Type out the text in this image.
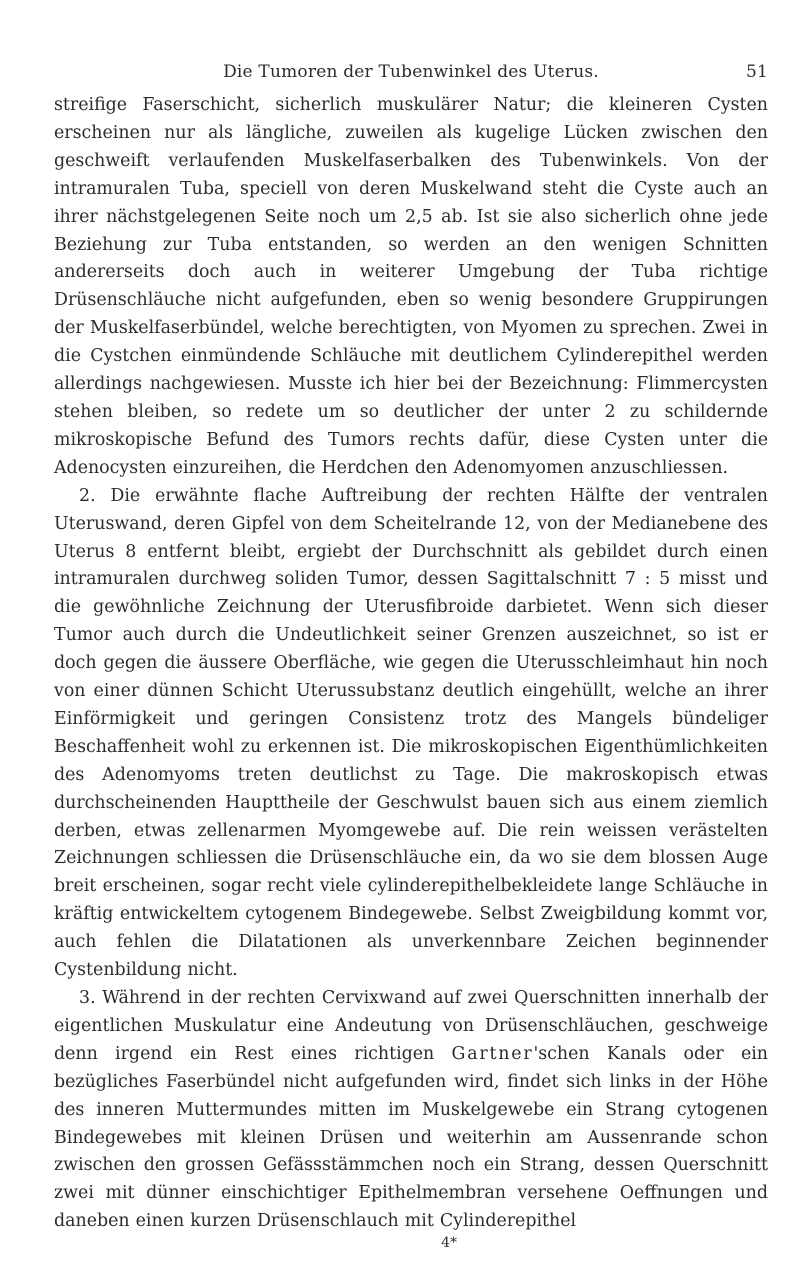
Die Tumoren der Tubenwinkel des Uterus.	51

streifige Faserschicht, sicherlich muskulärer Natur; die kleineren Cysten erscheinen nur als längliche, zuweilen als kugelige Lücken zwischen den geschweift verlaufenden Muskelfaserbalken des Tubenwinkels. Von der intramuralen Tuba, speciell von deren Muskelwand steht die Cyste auch an ihrer nächstgelegenen Seite noch um 2,5 ab. Ist sie also sicherlich ohne jede Beziehung zur Tuba entstanden, so werden an den wenigen Schnitten andererseits doch auch in weiterer Umgebung der Tuba richtige Drüsenschläuche nicht aufgefunden, eben so wenig besondere Gruppirungen der Muskelfaserbündel, welche berechtigten, von Myomen zu sprechen. Zwei in die Cystchen einmündende Schläuche mit deutlichem Cylinderepithel werden allerdings nachgewiesen. Musste ich hier bei der Bezeichnung: Flimmercysten stehen bleiben, so redete um so deutlicher der unter 2 zu schildernde mikroskopische Befund des Tumors rechts dafür, diese Cysten unter die Adenocysten einzureihen, die Herdchen den Adenomyomen anzuschliessen.

2. Die erwähnte flache Auftreibung der rechten Hälfte der ventralen Uteruswand, deren Gipfel von dem Scheitelrande 12, von der Medianebene des Uterus 8 entfernt bleibt, ergiebt der Durchschnitt als gebildet durch einen intramuralen durchweg soliden Tumor, dessen Sagittalschnitt 7 : 5 misst und die gewöhnliche Zeichnung der Uterusfibroide darbietet. Wenn sich dieser Tumor auch durch die Undeutlichkeit seiner Grenzen auszeichnet, so ist er doch gegen die äussere Oberfläche, wie gegen die Uterusschleimhaut hin noch von einer dünnen Schicht Uterussubstanz deutlich eingehüllt, welche an ihrer Einförmigkeit und geringen Consistenz trotz des Mangels bündeliger Beschaffenheit wohl zu erkennen ist. Die mikroskopischen Eigenthümlichkeiten des Adenomyoms treten deutlichst zu Tage. Die makroskopisch etwas durchscheinenden Haupttheile der Geschwulst bauen sich aus einem ziemlich derben, etwas zellenarmen Myomgewebe auf. Die rein weissen verästelten Zeichnungen schliessen die Drüsenschläuche ein, da wo sie dem blossen Auge breit erscheinen, sogar recht viele cylinderepithelbekleidete lange Schläuche in kräftig entwickeltem cytogenem Bindegewebe. Selbst Zweigbildung kommt vor, auch fehlen die Dilatationen als unverkennbare Zeichen beginnender Cystenbildung nicht.

3. Während in der rechten Cervixwand auf zwei Querschnitten innerhalb der eigentlichen Muskulatur eine Andeutung von Drüsenschläuchen, geschweige denn irgend ein Rest eines richtigen Gartner'schen Kanals oder ein bezügliches Faserbündel nicht aufgefunden wird, findet sich links in der Höhe des inneren Muttermundes mitten im Muskelgewebe ein Strang cytogenen Bindegewebes mit kleinen Drüsen und weiterhin am Aussenrande schon zwischen den grossen Gefässstämmchen noch ein Strang, dessen Querschnitt zwei mit dünner einschichtiger Epithelmembran versehene Oeffnungen und daneben einen kurzen Drüsenschlauch mit Cylinderepithel

4*
